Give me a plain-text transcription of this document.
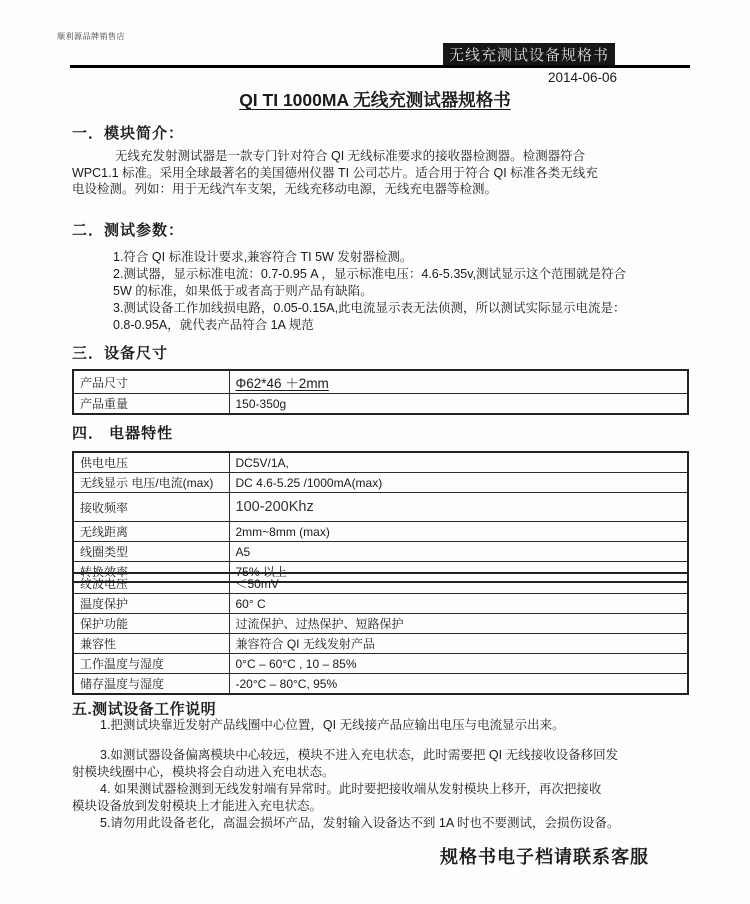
顺利源品牌销售店
无线充测试设备规格书
2014-06-06
QI TI 1000MA 无线充测试器规格书
一．模块简介：
无线充发射测试器是一款专门针对符合 QI 无线标准要求的接收器检测器。检测器符合
WPC1.1 标准。采用全球最著名的美国德州仪器 TI 公司芯片。适合用于符合 QI 标准各类无线充
电设检测。列如：用于无线汽车支架，无线充移动电源，无线充电器等检测。
二．测试参数：
1.符合 QI 标准设计要求,兼容符合 TI 5W 发射器检测。
2.测试器，显示标准电流：0.7-0.95 A ，显示标准电压：4.6-5.35v,测试显示这个范围就是符合
5W 的标准，如果低于或者高于则产品有缺陷。
3.测试设备工作加线损电路，0.05-0.15A,此电流显示表无法侦测，所以测试实际显示电流是：
0.8-0.95A，就代表产品符合 1A 规范
三．设备尺寸
产品尺寸	Φ62*46 ＋2mm
产品重量	150-350g
四． 电器特性
供电电压	DC5V/1A,
无线显示 电压/电流(max)	DC 4.6-5.25 /1000mA(max)
接收频率	100-200Khz
无线距离	2mm~8mm (max)
线圈类型	A5
转换效率	75% 以上
纹波电压	＜50mV
温度保护	60° C
保护功能	过流保护、过热保护、短路保护
兼容性	兼容符合 QI 无线发射产品
工作温度与湿度	0°C – 60°C , 10 – 85%
储存温度与湿度	-20°C – 80°C, 95%
五.测试设备工作说明
1.把测试块靠近发射产品线圈中心位置，QI 无线接产品应输出电压与电流显示出来。
3.如测试器设备偏离模块中心较远，模块不进入充电状态，此时需要把 QI 无线接收设备移回发
射模块线圈中心，模块将会自动进入充电状态。
4. 如果测试器检测到无线发射端有异常时。此时要把接收端从发射模块上移开，再次把接收
模块设备放到发射模块上才能进入充电状态。
5.请勿用此设备老化，高温会损坏产品，发射输入设备达不到 1A 时也不要测试，会损伤设备。
规格书电子档请联系客服
